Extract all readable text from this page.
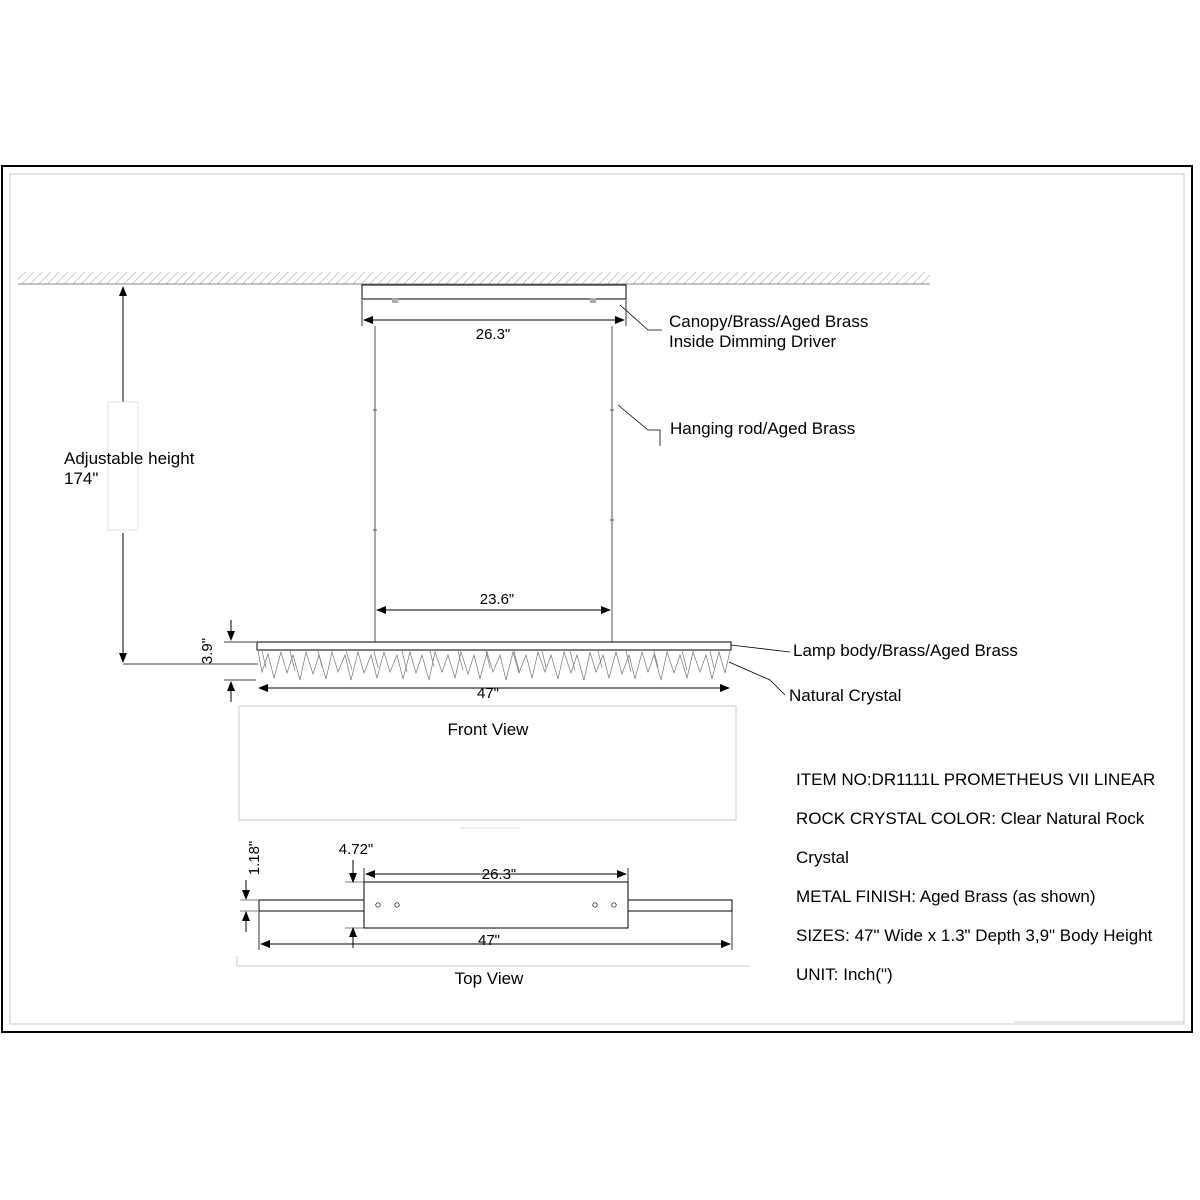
26.3"
23.6"
Adjustable height
174"
47"
3.9"
Canopy/Brass/Aged Brass
Inside Dimming Driver
Hanging rod/Aged Brass
Lamp body/Brass/Aged Brass
Natural Crystal
Front View
26.3"
4.72"
1.18"
47"
Top View
ITEM NO:DR1111L PROMETHEUS VII LINEAR
ROCK CRYSTAL COLOR: Clear Natural Rock
Crystal
METAL FINISH: Aged Brass (as shown)
SIZES: 47" Wide x 1.3" Depth 3,9" Body Height
UNIT: Inch(")
